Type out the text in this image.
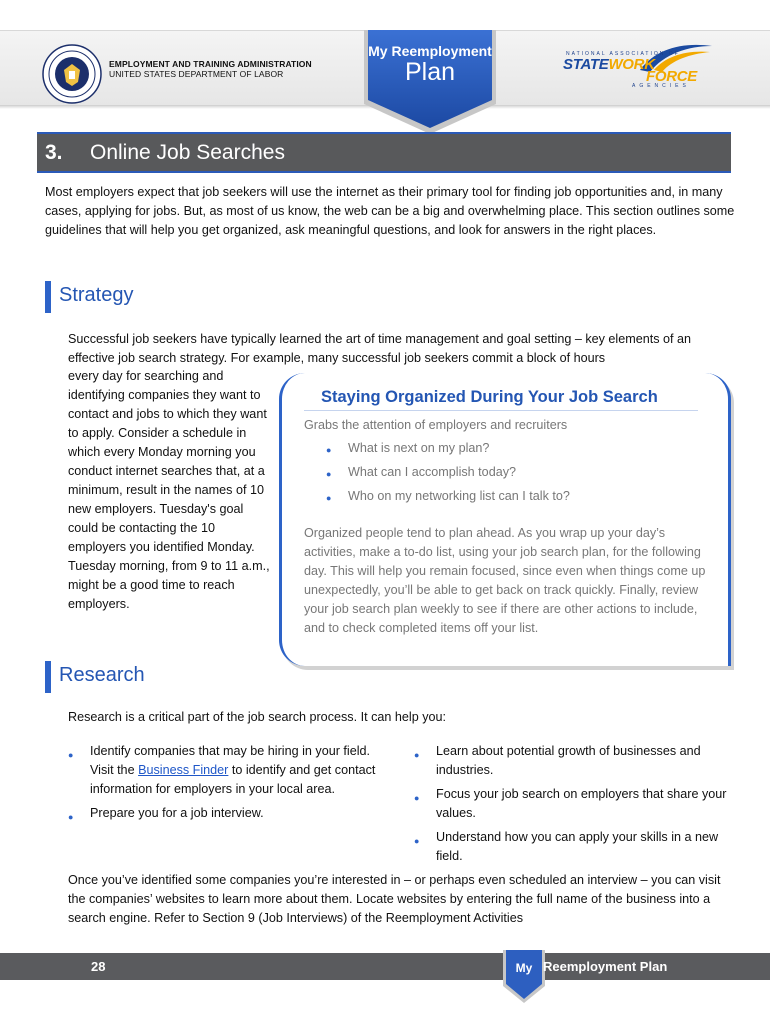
EMPLOYMENT AND TRAINING ADMINISTRATION
UNITED STATES DEPARTMENT OF LABOR
My Reemployment
Plan
NATIONAL ASSOCIATION OF
STATEWORK
FORCE
AGENCIES
3. Online Job Searches

Most employers expect that job seekers will use the internet as their primary tool for finding job opportunities and, in many cases, applying for jobs. But, as most of us know, the web can be a big and overwhelming place. This section outlines some guidelines that will help you get organized, ask meaningful questions, and look for answers in the right places.

Strategy

Successful job seekers have typically learned the art of time management and goal setting – key elements of an effective job search strategy. For example, many successful job seekers commit a block of hours

every day for searching and identifying companies they want to contact and jobs to which they want to apply. Consider a schedule in which every Monday morning you conduct internet searches that, at a minimum, result in the names of 10 new employers. Tuesday's goal could be contacting the 10 employers you identified Monday. Tuesday morning, from 9 to 11 a.m., might be a good time to reach employers.

Staying Organized During Your Job Search
Grabs the attention of employers and recruiters
● What is next on my plan?
● What can I accomplish today?
● Who on my networking list can I talk to?

Organized people tend to plan ahead. As you wrap up your day’s activities, make a to-do list, using your job search plan, for the following day. This will help you remain focused, since even when things come up unexpectedly, you’ll be able to get back on track quickly. Finally, review your job search plan weekly to see if there are other actions to include, and to check completed items off your list.

Research

Research is a critical part of the job search process. It can help you:

● Identify companies that may be hiring in your field. Visit the Business Finder to identify and get contact information for employers in your local area.
● Prepare you for a job interview.
● Learn about potential growth of businesses and industries.
● Focus your job search on employers that share your values.
● Understand how you can apply your skills in a new field.

Once you’ve identified some companies you’re interested in – or perhaps even scheduled an interview – you can visit the companies’ websites to learn more about them. Locate websites by entering the full name of the business into a search engine. Refer to Section 9 (Job Interviews) of the Reemployment Activities

28	My Reemployment Plan
